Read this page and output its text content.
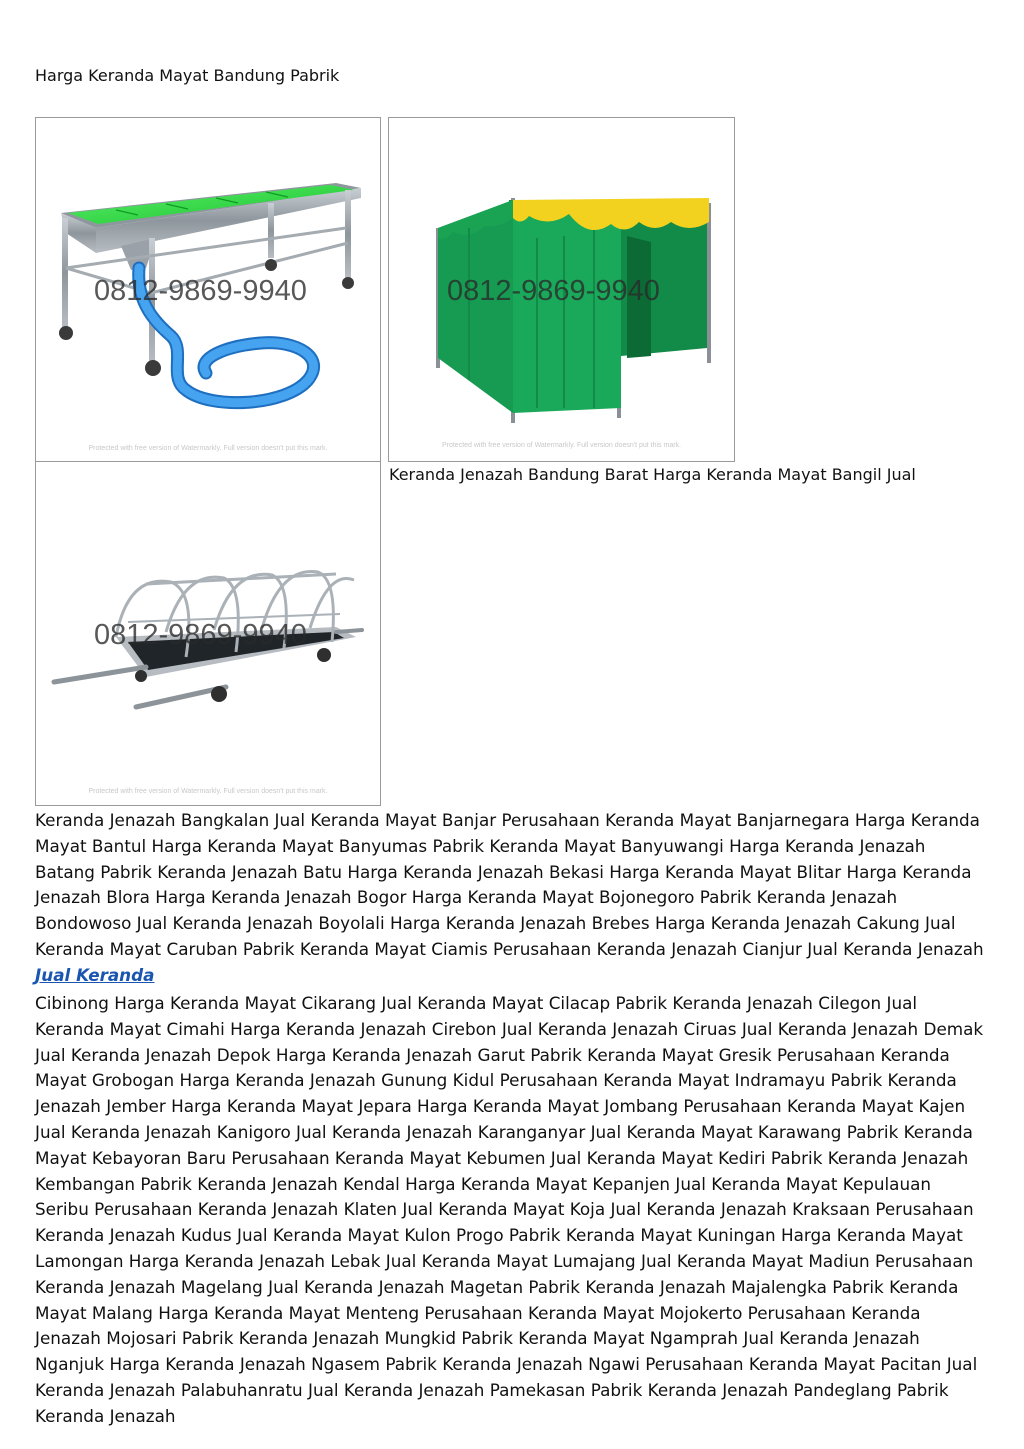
Harga Keranda Mayat Bandung Pabrik
0812-9869-9940
Protected with free version of Watermarkly. Full version doesn't put this mark.
0812-9869-9940
Protected with free version of Watermarkly. Full version doesn't put this mark.
0812-9869-9940
Protected with free version of Watermarkly. Full version doesn't put this mark.

Keranda Jenazah Bandung Barat Harga Keranda Mayat Bangil Jual

Keranda Jenazah Bangkalan Jual Keranda Mayat Banjar Perusahaan Keranda Mayat Banjarnegara Harga Keranda Mayat Bantul Harga Keranda Mayat Banyumas Pabrik Keranda Mayat Banyuwangi Harga Keranda Jenazah Batang Pabrik Keranda Jenazah Batu Harga Keranda Jenazah Bekasi Harga Keranda Mayat Blitar Harga Keranda Jenazah Blora Harga Keranda Jenazah Bogor Harga Keranda Mayat Bojonegoro Pabrik Keranda Jenazah Bondowoso Jual Keranda Jenazah Boyolali Harga Keranda Jenazah Brebes Harga Keranda Jenazah Cakung Jual Keranda Mayat Caruban Pabrik Keranda Mayat Ciamis Perusahaan Keranda Jenazah Cianjur Jual Keranda Jenazah Jual Keranda

Cibinong Harga Keranda Mayat Cikarang Jual Keranda Mayat Cilacap Pabrik Keranda Jenazah Cilegon Jual Keranda Mayat Cimahi Harga Keranda Jenazah Cirebon Jual Keranda Jenazah Ciruas Jual Keranda Jenazah Demak Jual Keranda Jenazah Depok Harga Keranda Jenazah Garut Pabrik Keranda Mayat Gresik Perusahaan Keranda Mayat Grobogan Harga Keranda Jenazah Gunung Kidul Perusahaan Keranda Mayat Indramayu Pabrik Keranda Jenazah Jember Harga Keranda Mayat Jepara Harga Keranda Mayat Jombang Perusahaan Keranda Mayat Kajen Jual Keranda Jenazah Kanigoro Jual Keranda Jenazah Karanganyar Jual Keranda Mayat Karawang Pabrik Keranda Mayat Kebayoran Baru Perusahaan Keranda Mayat Kebumen Jual Keranda Mayat Kediri Pabrik Keranda Jenazah Kembangan Pabrik Keranda Jenazah Kendal Harga Keranda Mayat Kepanjen Jual Keranda Mayat Kepulauan Seribu Perusahaan Keranda Jenazah Klaten Jual Keranda Mayat Koja Jual Keranda Jenazah Kraksaan Perusahaan Keranda Jenazah Kudus Jual Keranda Mayat Kulon Progo Pabrik Keranda Mayat Kuningan Harga Keranda Mayat Lamongan Harga Keranda Jenazah Lebak Jual Keranda Mayat Lumajang Jual Keranda Mayat Madiun Perusahaan Keranda Jenazah Magelang Jual Keranda Jenazah Magetan Pabrik Keranda Jenazah Majalengka Pabrik Keranda Mayat Malang Harga Keranda Mayat Menteng Perusahaan Keranda Mayat Mojokerto Perusahaan Keranda Jenazah Mojosari Pabrik Keranda Jenazah Mungkid Pabrik Keranda Mayat Ngamprah Jual Keranda Jenazah Nganjuk Harga Keranda Jenazah Ngasem Pabrik Keranda Jenazah Ngawi Perusahaan Keranda Mayat Pacitan Jual Keranda Jenazah Palabuhanratu Jual Keranda Jenazah Pamekasan Pabrik Keranda Jenazah Pandeglang Pabrik Keranda Jenazah
